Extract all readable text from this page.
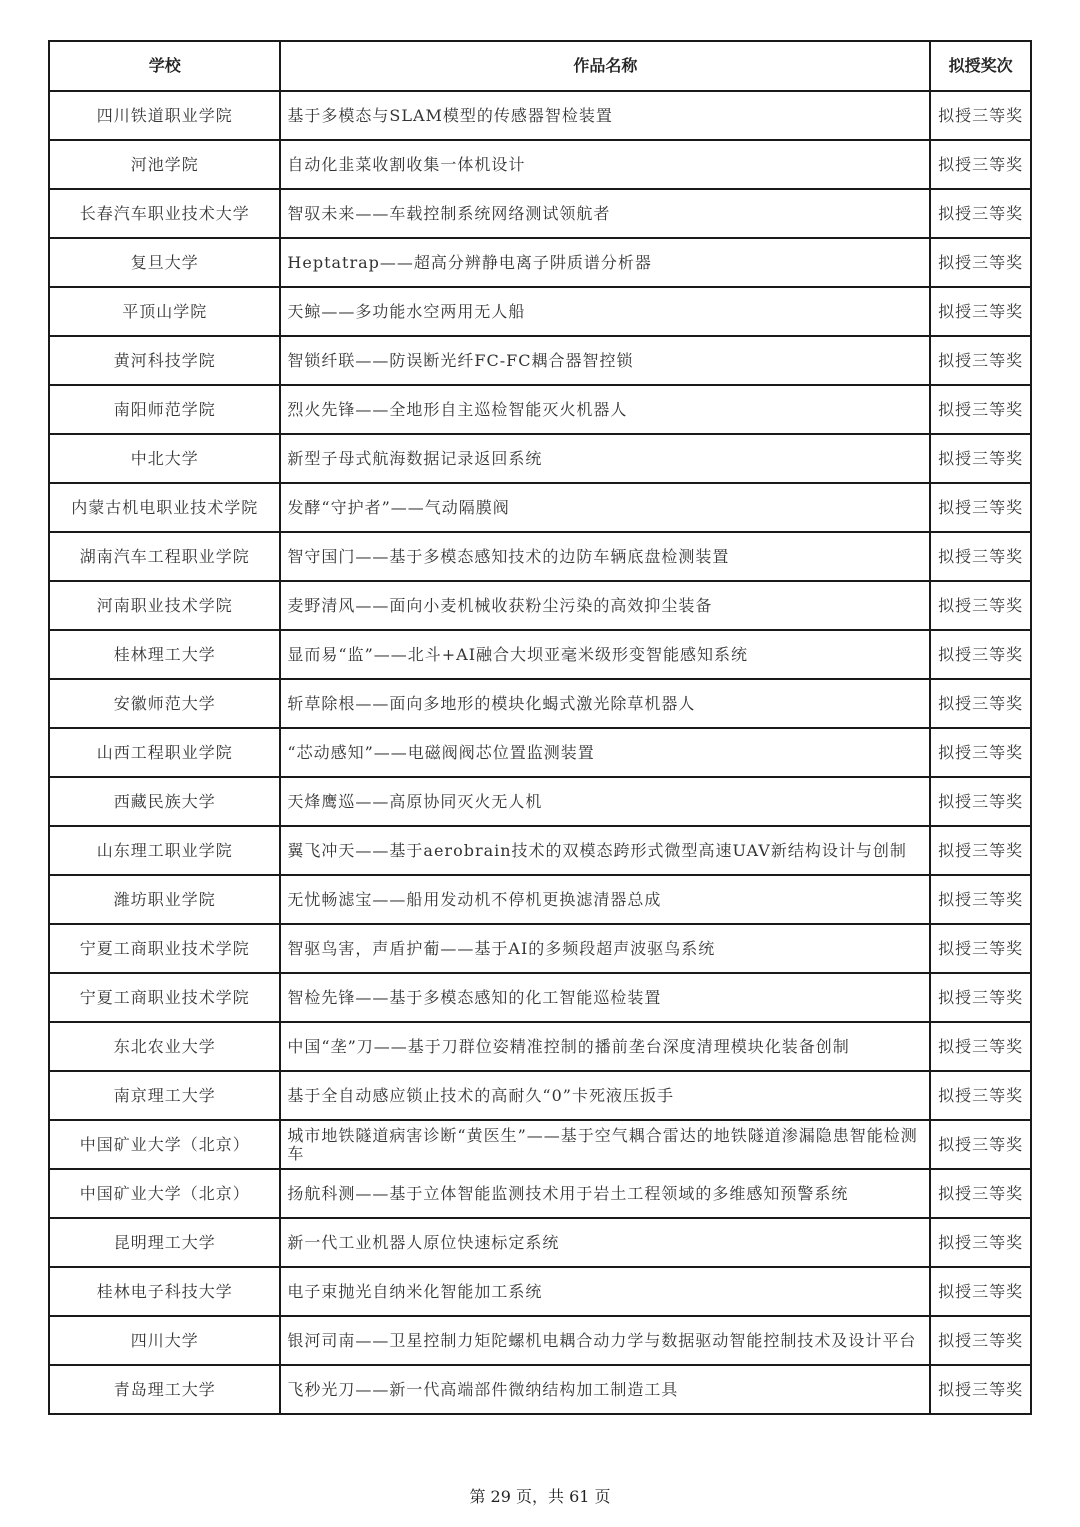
学校	作品名称	拟授奖次
四川铁道职业学院	基于多模态与SLAM模型的传感器智检装置	拟授三等奖
河池学院	自动化韭菜收割收集一体机设计	拟授三等奖
长春汽车职业技术大学	智驭未来——车载控制系统网络测试领航者	拟授三等奖
复旦大学	Heptatrap——超高分辨静电离子阱质谱分析器	拟授三等奖
平顶山学院	天鲸——多功能水空两用无人船	拟授三等奖
黄河科技学院	智锁纤联——防误断光纤FC-FC耦合器智控锁	拟授三等奖
南阳师范学院	烈火先锋——全地形自主巡检智能灭火机器人	拟授三等奖
中北大学	新型子母式航海数据记录返回系统	拟授三等奖
内蒙古机电职业技术学院	发酵“守护者”——气动隔膜阀	拟授三等奖
湖南汽车工程职业学院	智守国门——基于多模态感知技术的边防车辆底盘检测装置	拟授三等奖
河南职业技术学院	麦野清风——面向小麦机械收获粉尘污染的高效抑尘装备	拟授三等奖
桂林理工大学	显而易“监”——北斗+AI融合大坝亚毫米级形变智能感知系统	拟授三等奖
安徽师范大学	斩草除根——面向多地形的模块化蝎式激光除草机器人	拟授三等奖
山西工程职业学院	“芯动感知”——电磁阀阀芯位置监测装置	拟授三等奖
西藏民族大学	天烽鹰巡——高原协同灭火无人机	拟授三等奖
山东理工职业学院	翼飞冲天——基于aerobrain技术的双模态跨形式微型高速UAV新结构设计与创制	拟授三等奖
潍坊职业学院	无忧畅滤宝——船用发动机不停机更换滤清器总成	拟授三等奖
宁夏工商职业技术学院	智驱鸟害，声盾护葡——基于AI的多频段超声波驱鸟系统	拟授三等奖
宁夏工商职业技术学院	智检先锋——基于多模态感知的化工智能巡检装置	拟授三等奖
东北农业大学	中国“垄”刀——基于刀群位姿精准控制的播前垄台深度清理模块化装备创制	拟授三等奖
南京理工大学	基于全自动感应锁止技术的高耐久“0”卡死液压扳手	拟授三等奖
中国矿业大学（北京）	城市地铁隧道病害诊断“黄医生”——基于空气耦合雷达的地铁隧道渗漏隐患智能检测车	拟授三等奖
中国矿业大学（北京）	扬航科测——基于立体智能监测技术用于岩土工程领域的多维感知预警系统	拟授三等奖
昆明理工大学	新一代工业机器人原位快速标定系统	拟授三等奖
桂林电子科技大学	电子束抛光自纳米化智能加工系统	拟授三等奖
四川大学	银河司南——卫星控制力矩陀螺机电耦合动力学与数据驱动智能控制技术及设计平台	拟授三等奖
青岛理工大学	飞秒光刀——新一代高端部件微纳结构加工制造工具	拟授三等奖
第 29 页，共 61 页
